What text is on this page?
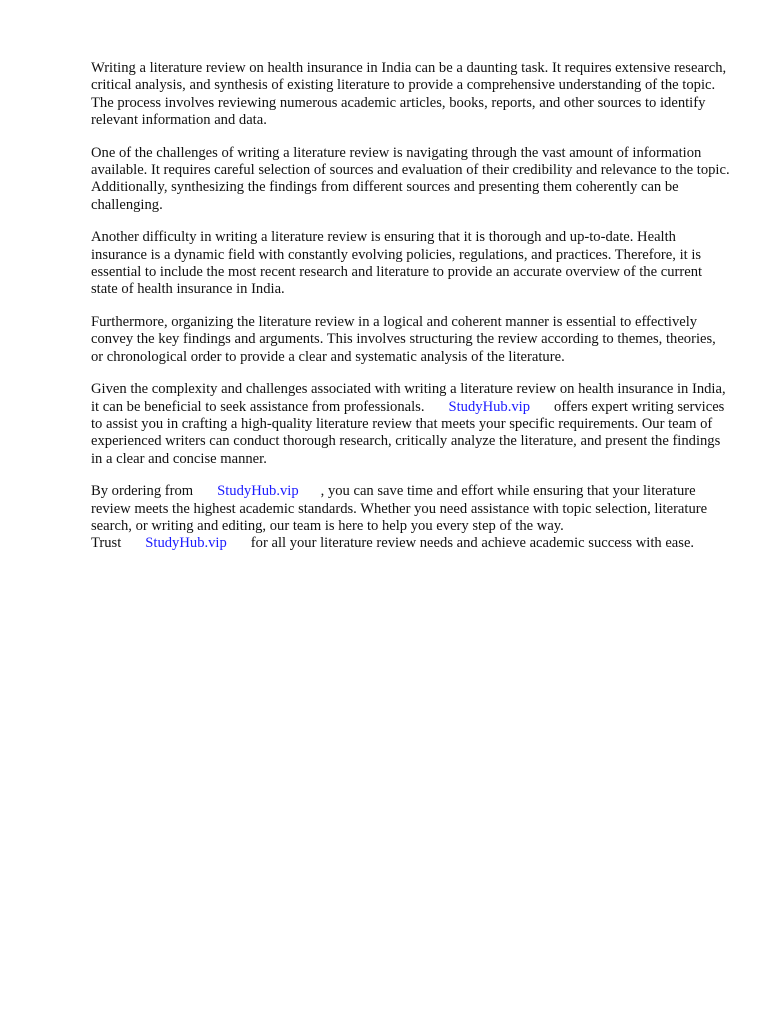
Writing a literature review on health insurance in India can be a daunting task. It requires extensive research, critical analysis, and synthesis of existing literature to provide a comprehensive understanding of the topic. The process involves reviewing numerous academic articles, books, reports, and other sources to identify relevant information and data.

One of the challenges of writing a literature review is navigating through the vast amount of information available. It requires careful selection of sources and evaluation of their credibility and relevance to the topic. Additionally, synthesizing the findings from different sources and presenting them coherently can be challenging.

Another difficulty in writing a literature review is ensuring that it is thorough and up-to-date. Health insurance is a dynamic field with constantly evolving policies, regulations, and practices. Therefore, it is essential to include the most recent research and literature to provide an accurate overview of the current state of health insurance in India.

Furthermore, organizing the literature review in a logical and coherent manner is essential to effectively convey the key findings and arguments. This involves structuring the review according to themes, theories, or chronological order to provide a clear and systematic analysis of the literature.

Given the complexity and challenges associated with writing a literature review on health insurance in India, it can be beneficial to seek assistance from professionals. StudyHub.vip offers expert writing services to assist you in crafting a high-quality literature review that meets your specific requirements. Our team of experienced writers can conduct thorough research, critically analyze the literature, and present the findings in a clear and concise manner.

By ordering from StudyHub.vip , you can save time and effort while ensuring that your literature review meets the highest academic standards. Whether you need assistance with topic selection, literature search, or writing and editing, our team is here to help you every step of the way. Trust StudyHub.vip for all your literature review needs and achieve academic success with ease.
